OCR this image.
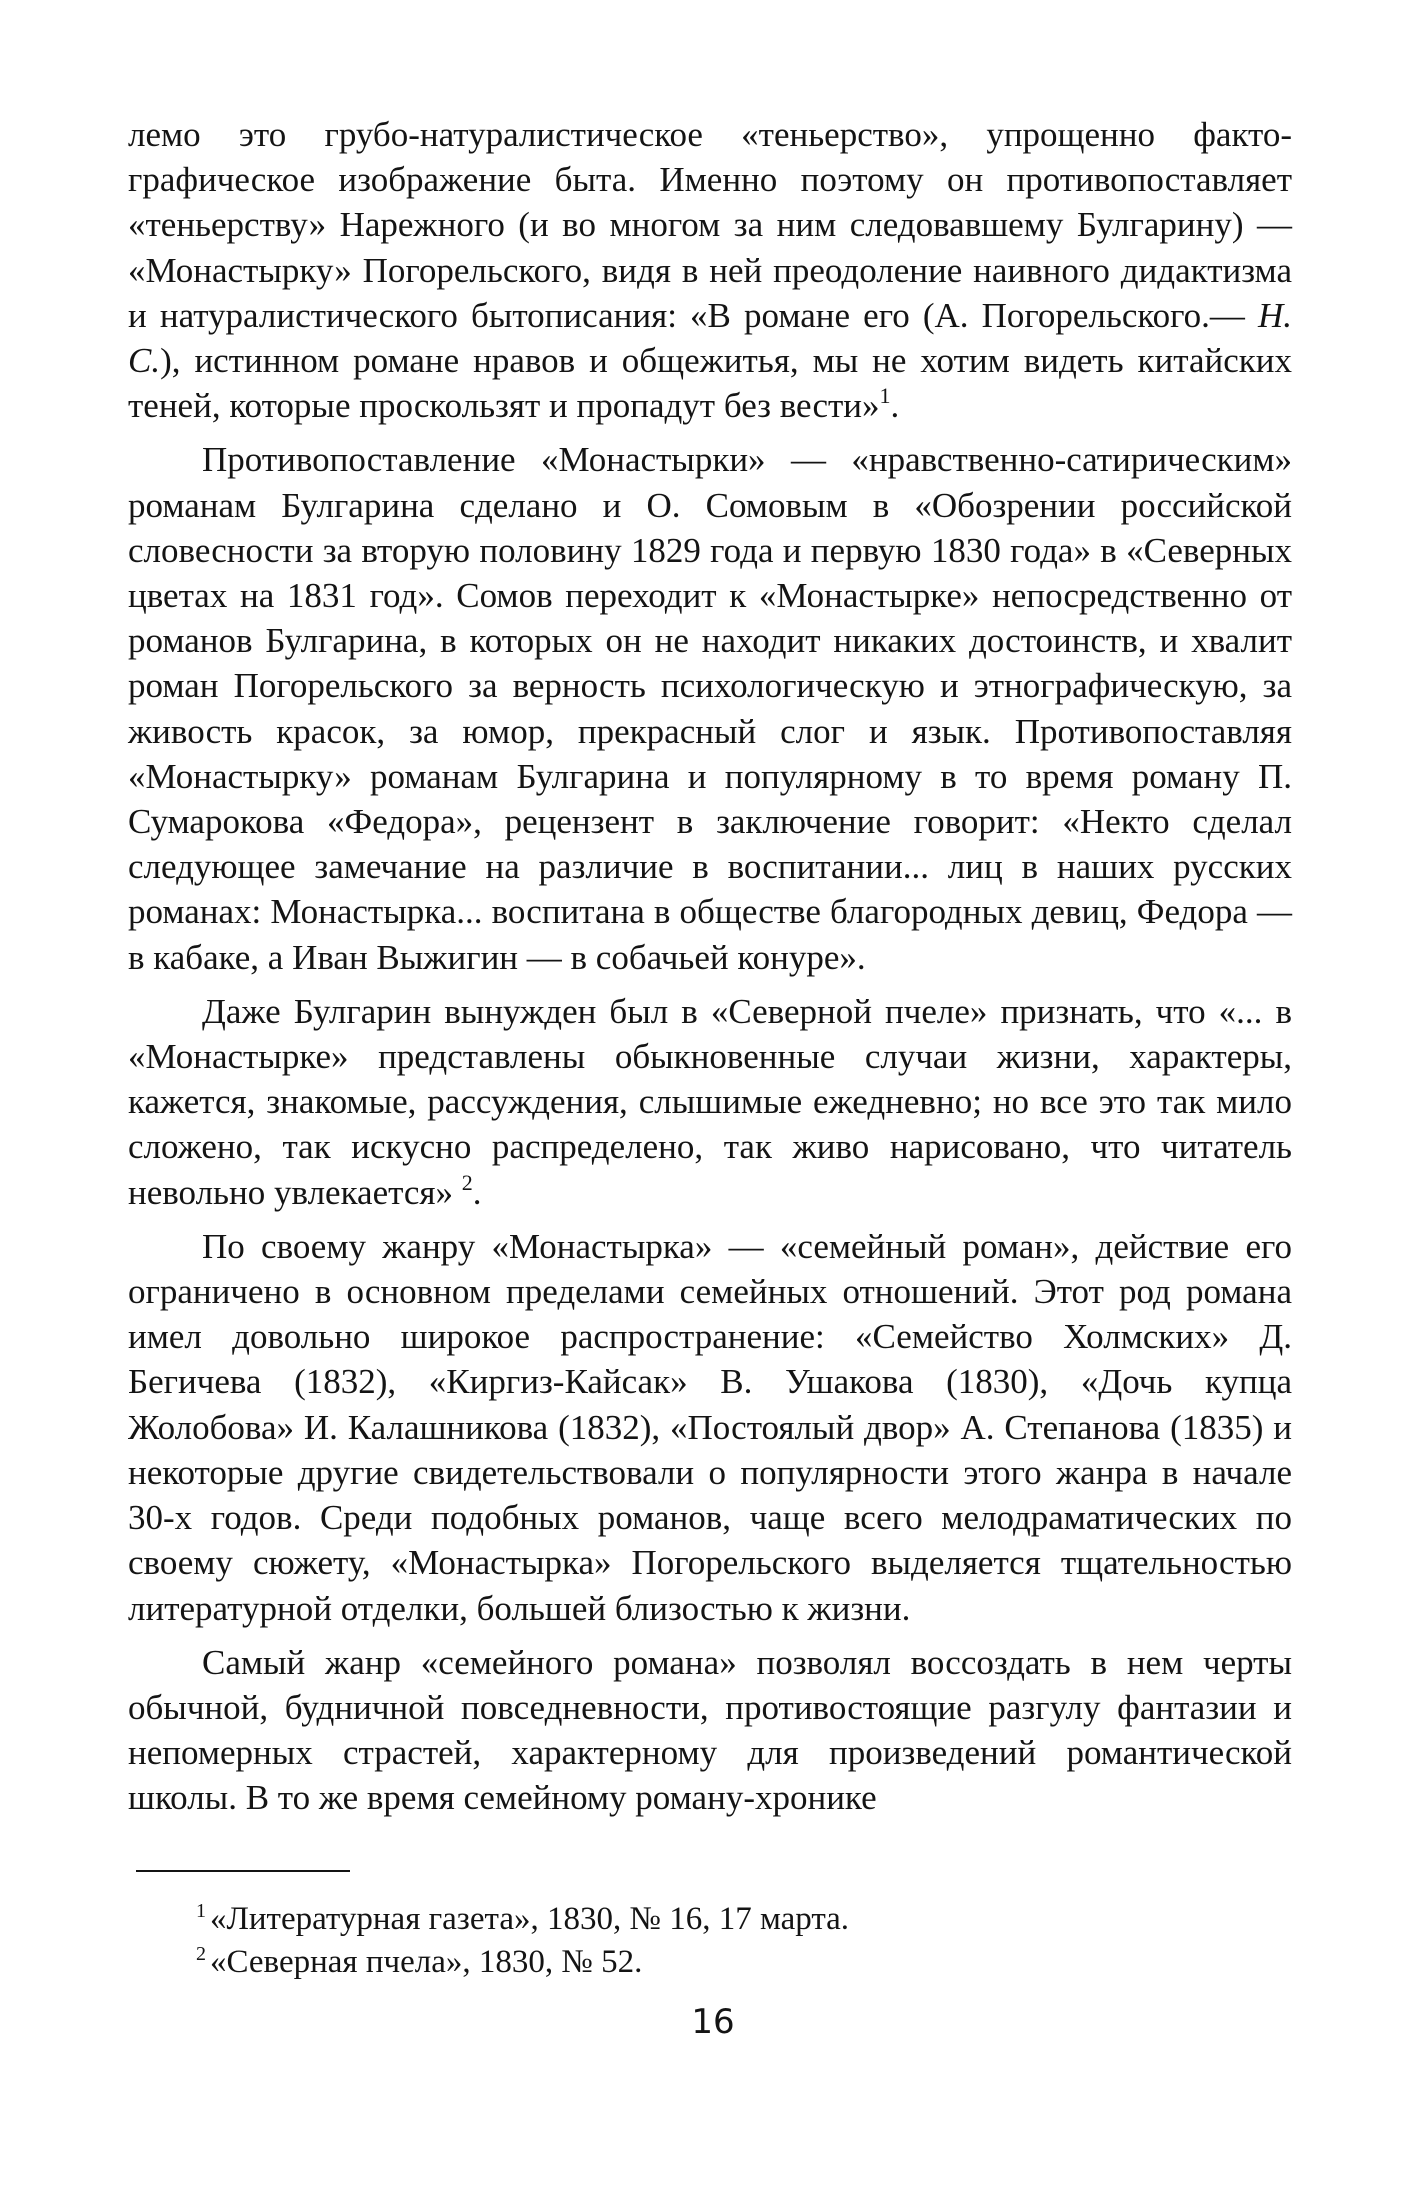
лемо это грубо-натуралистическое «теньерство», упрощенно фактографическое изображение быта. Именно поэтому он противопоставляет «теньерству» Нарежного (и во многом за ним следовавшему Булгарину) — «Монастырку» Погорельского, видя в ней преодоление наивного дидактизма и натуралистического бытописания: «В романе его (А. Погорельского.— Н. С.), истинном романе нравов и общежитья, мы не хотим видеть китайских теней, которые проскользят и пропадут без вести»$^1$.

Противопоставление «Монастырки» — «нравственно-сатирическим» романам Булгарина сделано и О. Сомовым в «Обозрении российской словесности за вторую половину 1829 года и первую 1830 года» в «Северных цветах на 1831 год». Сомов переходит к «Монастырке» непосредственно от романов Булгарина, в которых он не находит никаких достоинств, и хвалит роман Погорельского за верность психологическую и этнографическую, за живость красок, за юмор, прекрасный слог и язык. Противопоставляя «Монастырку» романам Булгарина и популярному в то время роману П. Сумарокова «Федора», рецензент в заключение говорит: «Некто сделал следующее замечание на различие в воспитании... лиц в наших русских романах: Монастырка... воспитана в обществе благородных девиц, Федора — в кабаке, а Иван Выжигин — в собачьей конуре».

Даже Булгарин вынужден был в «Северной пчеле» признать, что «... в «Монастырке» представлены обыкновенные случаи жизни, характеры, кажется, знакомые, рассуждения, слышимые ежедневно; но все это так мило сложено, так искусно распределено, так живо нарисовано, что читатель невольно увлекается» $^2$.

По своему жанру «Монастырка» — «семейный роман», действие его ограничено в основном пределами семейных отношений. Этот род романа имел довольно широкое распространение: «Семейство Холмских» Д. Бегичева (1832), «Киргиз-Кайсак» В. Ушакова (1830), «Дочь купца Жолобова» И. Калашникова (1832), «Постоялый двор» А. Степанова (1835) и некоторые другие свидетельствовали о популярности этого жанра в начале 30-х годов. Среди подобных романов, чаще всего мелодраматических по своему сюжету, «Монастырка» Погорельского выделяется тщательностью литературной отделки, большей близостью к жизни.

Самый жанр «семейного романа» позволял воссоздать в нем черты обычной, будничной повседневности, противостоящие разгулу фантазии и непомерных страстей, характерному для произведений романтической школы. В то же время семейному роману-хронике

$^1$ «Литературная газета», 1830, № 16, 17 марта.

$^2$ «Северная пчела», 1830, № 52.

16
